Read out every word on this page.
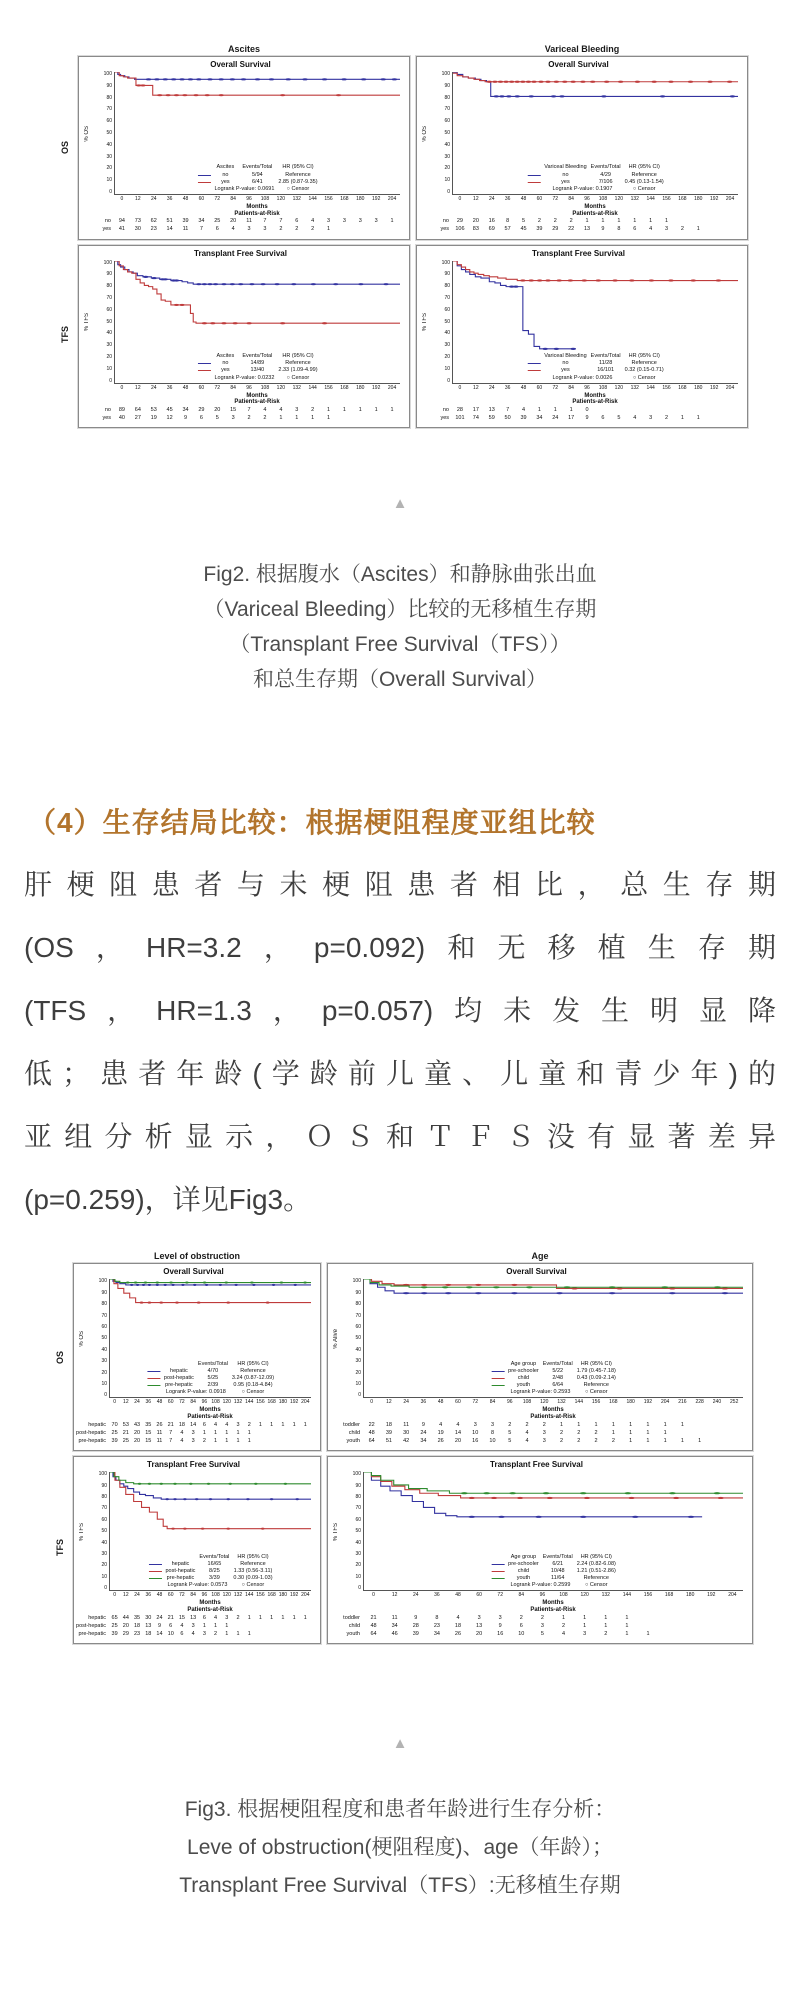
Ascites	Variceal Bleeding
OS
TFS
Overall Survival
% OS
100
90
80
70
60
50
40
30
20
10
0
Ascites	Events/Total	HR (95% CI)
no	5/94	Reference
yes	6/41	2.85 (0.87-9.35)
Logrank P-value: 0.0691	○ Censor
0	12	24	36	48	60	72	84	96	108	120	132	144	156	168	180	192	204
Months
Patients-at-Risk
no	94	73	62	51	39	34	25	20	11	7	7	6	4	3	3	3	3	1
yes	41	30	23	14	11	7	6	4	3	3	2	2	2	1
Overall Survival
% OS
100
90
80
70
60
50
40
30
20
10
0
Variceal Bleeding Events/Total	HR (95% CI)
no	4/29	Reference
yes	7/106	0.45 (0.13-1.54)
Logrank P-value: 0.1907	○ Censor
0	12	24	36	48	60	72	84	96	108	120	132	144	156	168	180	192	204
Months
Patients-at-Risk
no	29	20	16	8	5	2	2	2	1	1	1	1	1	1
yes	106	83	69	57	45	39	29	22	13	9	8	6	4	3	2	1
Transplant Free Survival
% TFS
100
90
80
70
60
50
40
30
20
10
0
Ascites	Events/Total	HR (95% CI)
no	14/89	Reference
yes	13/40	2.33 (1.09-4.99)
Logrank P-value: 0.0232	○ Censor
0	12	24	36	48	60	72	84	96	108	120	132	144	156	168	180	192	204
Months
Patients-at-Risk
no	89	64	53	45	34	29	20	15	7	4	4	3	2	1	1	1	1	1
yes	40	27	19	12	9	6	5	3	2	2	1	1	1	1
Transplant Free Survival
% TFS
100
90
80
70
60
50
40
30
20
10
0
Variceal Bleeding Events/Total	HR (95% CI)
no	11/28	Reference
yes	16/101	0.32 (0.15-0.71)
Logrank P-value: 0.0026	○ Censor
0	12	24	36	48	60	72	84	96	108	120	132	144	156	168	180	192	204
Months
Patients-at-Risk
no	28	17	13	7	4	1	1	1	0
yes	101	74	59	50	39	34	24	17	9	6	5	4	3	2	1	1
▲
Fig2. 根据腹水（Ascites）和静脉曲张出血
（Variceal Bleeding）比较的无移植生存期
（Transplant Free Survival（TFS））
和总生存期（Overall Survival）
（4）生存结局比较：根据梗阻程度亚组比较
肝梗阻患者与未梗阻患者相比，总生存期
(OS，HR=3.2，p=0.092)和无移植生存期
(TFS，HR=1.3，p=0.057)均未发生明显降
低；患者年龄(学龄前儿童、儿童和青少年)的
亚组分析显示，ＯＳ和ＴＦＳ没有显著差异
(p=0.259)，详见Fig3。
Level of obstruction	Age
OS
TFS
Overall Survival
% OS
100
90
80
70
60
50
40
30
20
10
0
Events/Total	HR (95% CI)
hepatic	4/70	Reference
post-hepatic	5/25	3.24 (0.87-12.09)
pre-hepatic	2/39	0.95 (0.18-4.84)
Logrank P-value: 0.0918	○ Censor
0	12	24	36	48	60	72	84	96 108 120 132 144 156 168 180 192 204
Months
Patients-at-Risk
hepatic	70 53 43 35 26 21 18 14	6	4	4	3	2	1	1	1	1	1
post-hepatic	25 21 20 15 11	7	4	3	1	1	1	1	1
pre-hepatic	39 25 20 15 11	7	4	3	2	1	1	1	1
Overall Survival
% Alive
100
90
80
70
60
50
40
30
20
10
0
Age group	Events/Total	HR (95% CI)
pre-schooler	5/22	1.79 (0.45-7.18)
child	2/48	0.43 (0.09-2.14)
youth	6/64	Reference
Logrank P-value: 0.2593	○ Censor
0	12	24	36	48	60	72	84	96	108	120	132	144	156	168	180	192	204	216	228	240	252
Months
Patients-at-Risk
toddler	22	18	11	9	4	4	3	3	2	2	2	1	1	1	1	1	1	1	1
child	48	39	30	24	19	14	10	8	5	4	3	2	2	2	1	1	1	1
youth	64	51	42	34	26	20	16	10	5	4	3	2	2	2	2	1	1	1	1	1
Transplant Free Survival
% TFS
100
90
80
70
60
50
40
30
20
10
0
Events/Total	HR (95% CI)
hepatic	16/65	Reference
post-hepatic	8/25	1.33 (0.56-3.11)
pre-hepatic	3/39	0.30 (0.09-1.03)
Logrank P-value: 0.0573	○ Censor
0	12	24	36	48	60	72	84	96 108 120 132 144 156 168 180 192 204
Months
Patients-at-Risk
hepatic	65 44 35 30 24 21 15 13	6	4	3	2	1	1	1	1	1	1
post-hepatic	25 20 18 13	9	6	4	3	1	1	1
pre-hepatic	39 29 23 18 14 10	6	4	3	2	1	1	1
Transplant Free Survival
% TFS
100
90
80
70
60
50
40
30
20
10
0
Age group	Events/Total	HR (95% CI)
pre-schooler	6/21	2.24 (0.82-6.08)
child	10/48	1.21 (0.51-2.86)
youth	11/64	Reference
Logrank P-value: 0.2599	○ Censor
0	12	24	36	48	60	72	84	96	108	120	132	144	156	168	180	192	204
Months
Patients-at-Risk
toddler	21	11	9	8	4	3	3	2	2	1	1	1	1
child	48	34	28	23	18	13	9	6	3	2	1	1	1
youth	64	46	39	34	26	20	16	10	5	4	3	2	1	1
▲
Fig3. 根据梗阻程度和患者年龄进行生存分析：
Leve of obstruction(梗阻程度)、age（年龄）；
Transplant Free Survival（TFS）:无移植生存期
